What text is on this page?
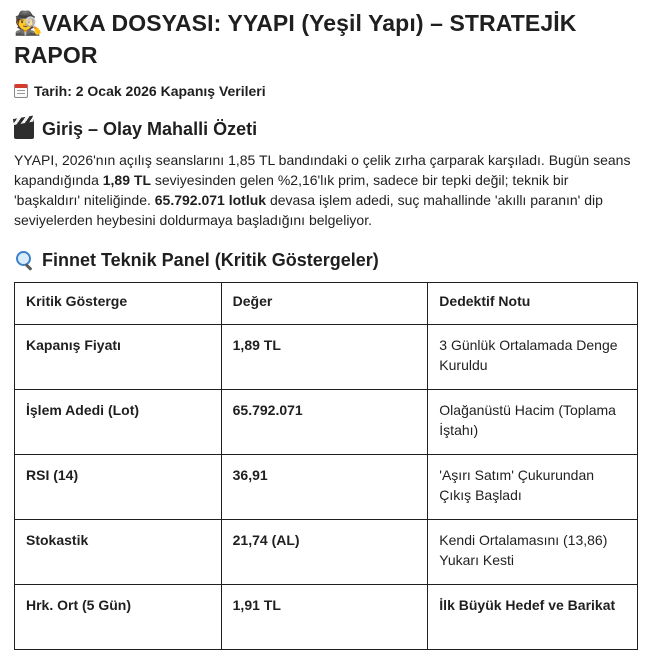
🕵VAKA DOSYASI: YYAPI (Yeşil Yapı) – STRATEJİK RAPOR
Tarih: 2 Ocak 2026 Kapanış Verileri
Giriş – Olay Mahalli Özeti

YYAPI, 2026'nın açılış seanslarını 1,85 TL bandındaki o çelik zırha çarparak karşıladı. Bugün seans kapandığında 1,89 TL seviyesinden gelen %2,16'lık prim, sadece bir tepki değil; teknik bir 'başkaldırı' niteliğinde. 65.792.071 lotluk devasa işlem adedi, suç mahallinde 'akıllı paranın' dip seviyelerden heybesini doldurmaya başladığını belgeliyor.

Finnet Teknik Panel (Kritik Göstergeler)
Kritik Gösterge	Değer	Dedektif Notu
Kapanış Fiyatı	1,89 TL	3 Günlük Ortalamada Denge Kuruldu
İşlem Adedi (Lot)	65.792.071	Olağanüstü Hacim (Toplama İştahı)
RSI (14)	36,91	'Aşırı Satım' Çukurundan Çıkış Başladı
Stokastik	21,74 (AL)	Kendi Ortalamasını (13,86) Yukarı Kesti
Hrk. Ort (5 Gün)	1,91 TL	İlk Büyük Hedef ve Barikat
